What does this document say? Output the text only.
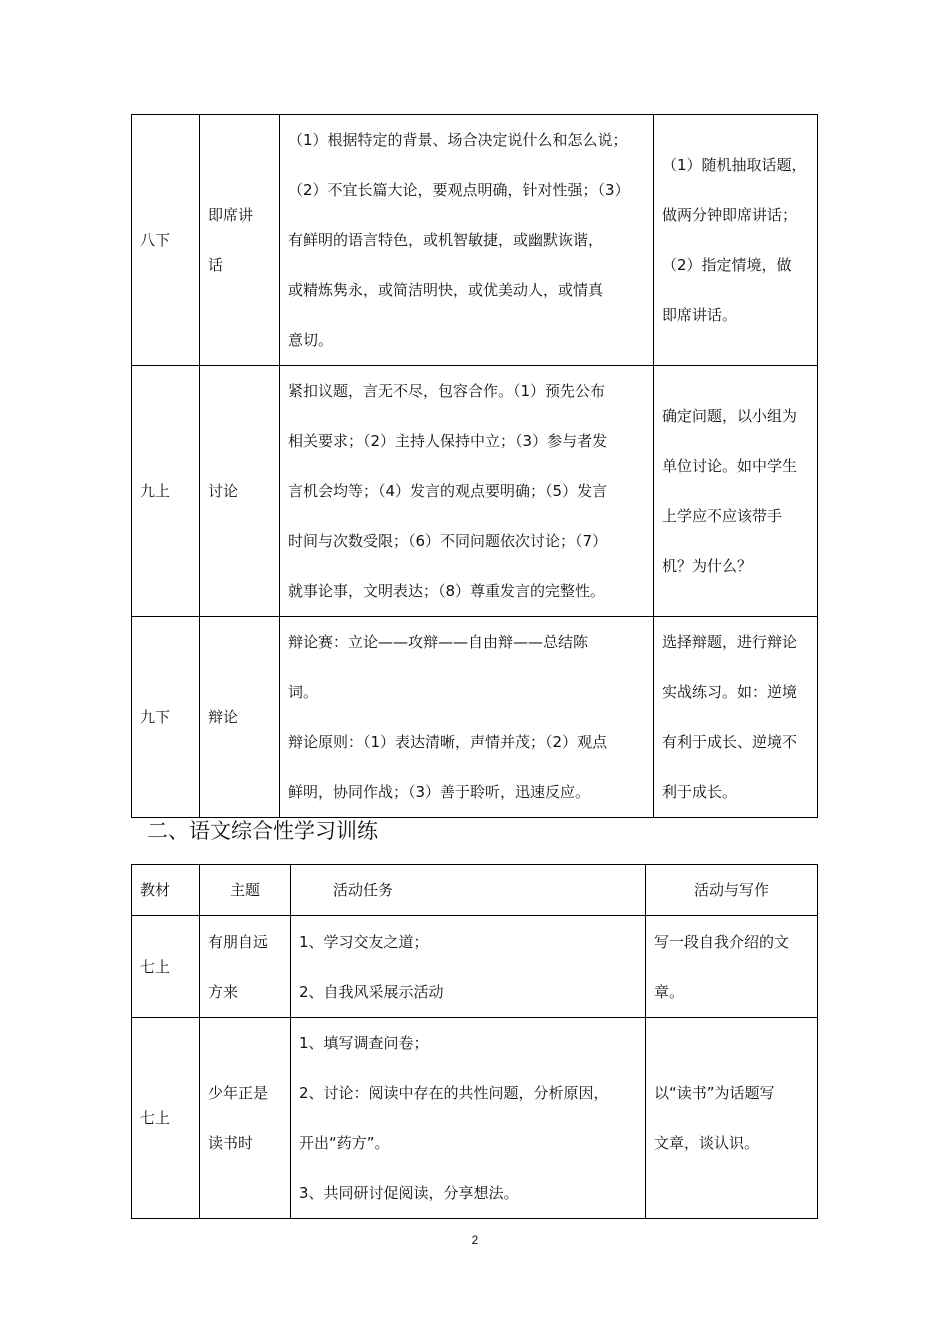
八下	即席讲
话	（1）根据特定的背景、场合决定说什么和怎么说；
（2）不宜长篇大论，要观点明确，针对性强；（3）
有鲜明的语言特色，或机智敏捷，或幽默诙谐，
或精炼隽永，或简洁明快，或优美动人，或情真
意切。	（1）随机抽取话题，
做两分钟即席讲话；
（2）指定情境，做
即席讲话。

九上	讨论	紧扣议题，言无不尽，包容合作。（1）预先公布
相关要求；（2）主持人保持中立；（3）参与者发
言机会均等；（4）发言的观点要明确；（5）发言
时间与次数受限；（6）不同问题依次讨论；（7）
就事论事，文明表达；（8）尊重发言的完整性。	确定问题，以小组为
单位讨论。如中学生
上学应不应该带手
机？为什么？

九下	辩论	辩论赛：立论——攻辩——自由辩——总结陈
词。
辩论原则：（1）表达清晰，声情并茂；（2）观点
鲜明，协同作战；（3）善于聆听，迅速反应。	选择辩题，进行辩论
实战练习。如：逆境
有利于成长、逆境不
利于成长。
二、语文综合性学习训练
教材	主题	活动任务	活动与写作
七上	有朋自远
方来	1、学习交友之道；
2、自我风采展示活动	写一段自我介绍的文
章。

七上	少年正是
读书时	1、填写调查问卷；
2、讨论：阅读中存在的共性问题，分析原因，
开出“药方”。
3、共同研讨促阅读，分享想法。	以“读书”为话题写
文章，谈认识。
2
